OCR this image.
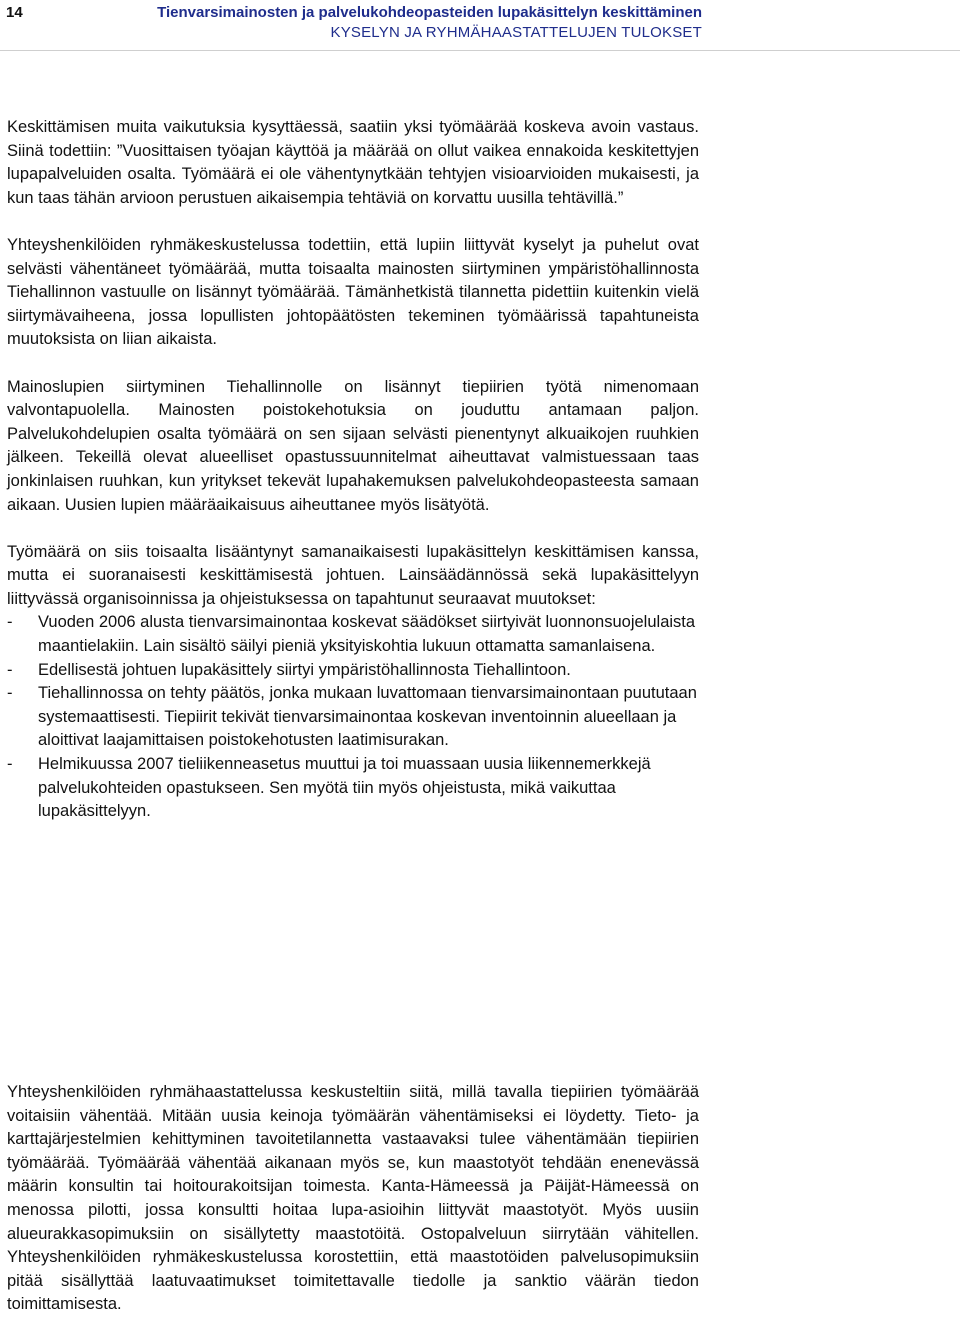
14	Tienvarsimainosten ja palvelukohdeopasteiden lupakäsittelyn keskittäminen
KYSELYN JA RYHMÄHAASTATTELUJEN TULOKSET

Keskittämisen muita vaikutuksia kysyttäessä, saatiin yksi työmäärää koskeva avoin vastaus. Siinä todettiin: ”Vuosittaisen työajan käyttöä ja määrää on ollut vaikea ennakoida keskitettyjen lupapalveluiden osalta. Työmäärä ei ole vähentynytkään tehtyjen visioarvioiden mukaisesti, ja kun taas tähän arvioon perustuen aikaisempia tehtäviä on korvattu uusilla tehtävillä.”

Yhteyshenkilöiden ryhmäkeskustelussa todettiin, että lupiin liittyvät kyselyt ja puhelut ovat selvästi vähentäneet työmäärää, mutta toisaalta mainosten siirtyminen ympäristöhallinnosta Tiehallinnon vastuulle on lisännyt työmäärää. Tämänhetkistä tilannetta pidettiin kuitenkin vielä siirtymävaiheena, jossa lopullisten johtopäätösten tekeminen työmäärissä tapahtuneista muutoksista on liian aikaista.

Mainoslupien siirtyminen Tiehallinnolle on lisännyt tiepiirien työtä nimenomaan valvontapuolella. Mainosten poistokehotuksia on jouduttu antamaan paljon. Palvelukohdelupien osalta työmäärä on sen sijaan selvästi pienentynyt alkuaikojen ruuhkien jälkeen. Tekeillä olevat alueelliset opastussuunnitelmat aiheuttavat valmistuessaan taas jonkinlaisen ruuhkan, kun yritykset tekevät lupahakemuksen palvelukohdeopasteesta samaan aikaan. Uusien lupien määräaikaisuus aiheuttanee myös lisätyötä.

Työmäärä on siis toisaalta lisääntynyt samanaikaisesti lupakäsittelyn keskittämisen kanssa, mutta ei suoranaisesti keskittämisestä johtuen. Lainsäädännössä sekä lupakäsittelyyn liittyvässä organisoinnissa ja ohjeistuksessa on tapahtunut seuraavat muutokset:

- Vuoden 2006 alusta tienvarsimainontaa koskevat säädökset siirtyivät luonnonsuojelulaista maantielakiin. Lain sisältö säilyi pieniä yksityiskohtia lukuun ottamatta samanlaisena.
- Edellisestä johtuen lupakäsittely siirtyi ympäristöhallinnosta Tiehallintoon.
- Tiehallinnossa on tehty päätös, jonka mukaan luvattomaan tienvarsimainontaan puututaan systemaattisesti. Tiepiirit tekivät tienvarsimainontaa koskevan inventoinnin alueellaan ja aloittivat laajamittaisen poistokehotusten laatimisurakan.
- Helmikuussa 2007 tieliikenneasetus muuttui ja toi muassaan uusia liikennemerkkejä palvelukohteiden opastukseen. Sen myötä tiin myös ohjeistusta, mikä vaikuttaa lupakäsittelyyn.

Yhteyshenkilöiden ryhmähaastattelussa keskusteltiin siitä, millä tavalla tiepiirien työmäärää voitaisiin vähentää. Mitään uusia keinoja työmäärän vähentämiseksi ei löydetty. Tieto- ja karttajärjestelmien kehittyminen tavoitetilannetta vastaavaksi tulee vähentämään tiepiirien työmäärää. Työmäärää vähentää aikanaan myös se, kun maastotyöt tehdään enenevässä määrin konsultin tai hoitourakoitsijan toimesta. Kanta-Hämeessä ja Päijät-Hämeessä on menossa pilotti, jossa konsultti hoitaa lupa-asioihin liittyvät maastotyöt. Myös uusiin alueurakkasopimuksiin on sisällytetty maastotöitä. Ostopalveluun siirrytään vähitellen. Yhteyshenkilöiden ryhmäkeskustelussa korostettiin, että maastotöiden palvelusopimuksiin pitää sisällyttää laatuvaatimukset toimitettavalle tiedolle ja sanktio väärän tiedon toimittamisesta.
